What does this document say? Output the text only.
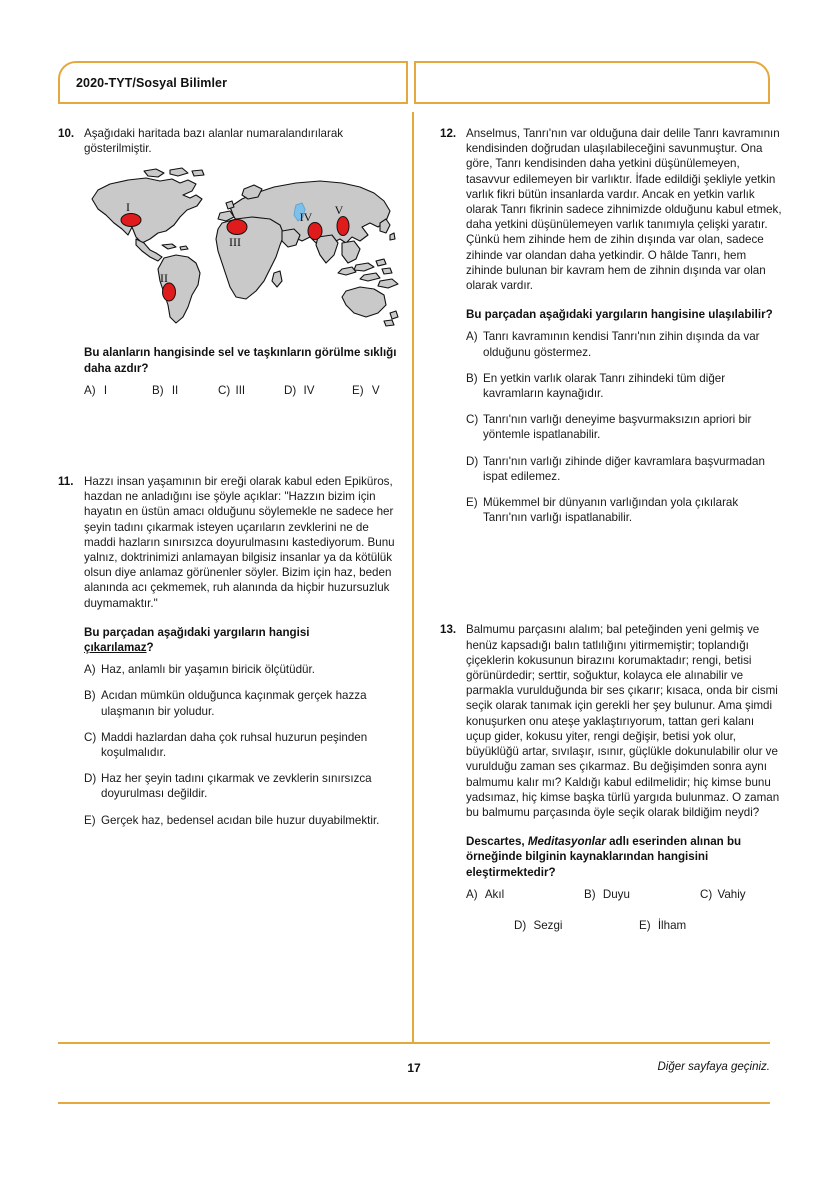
2020-TYT/Sosyal Bilimler
10. Aşağıdaki haritada bazı alanlar numaralandırılarak gösterilmiştir.
I
II
III
IV V
Bu alanların hangisinde sel ve taşkınların görülme sıklığı daha azdır?
A) I	B) II	C) III	D) IV	E) V
11. Hazzı insan yaşamının bir ereği olarak kabul eden Epiküros, hazdan ne anladığını ise şöyle açıklar: "Hazzın bizim için hayatın en üstün amacı olduğunu söylemekle ne sadece her şeyin tadını çıkarmak isteyen uçarıların zevklerini ne de maddi hazların sınırsızca doyurulmasını kastediyorum. Bunu yalnız, doktrinimizi anlamayan bilgisiz insanlar ya da kötülük olsun diye anlamaz görünenler söyler. Bizim için haz, beden alanında acı çekmemek, ruh alanında da hiçbir huzursuzluk duymamaktır."
Bu parçadan aşağıdaki yargıların hangisi
çıkarılamaz?
A) Haz, anlamlı bir yaşamın biricik ölçütüdür.
B) Acıdan mümkün olduğunca kaçınmak gerçek hazza ulaşmanın bir yoludur.
C) Maddi hazlardan daha çok ruhsal huzurun peşinden koşulmalıdır.
D) Haz her şeyin tadını çıkarmak ve zevklerin sınırsızca doyurulması değildir.
E) Gerçek haz, bedensel acıdan bile huzur duyabilmektir.
12. Anselmus, Tanrı'nın var olduğuna dair delile Tanrı kavramının kendisinden doğrudan ulaşılabileceğini savunmuştur. Ona göre, Tanrı kendisinden daha yetkini düşünülemeyen, tasavvur edilemeyen bir varlıktır. İfade edildiği şekliyle yetkin varlık fikri bütün insanlarda vardır. Ancak en yetkin varlık olarak Tanrı fikrinin sadece zihnimizde olduğunu kabul etmek, daha yetkini düşünülemeyen varlık tanımıyla çelişki yaratır. Çünkü hem zihinde hem de zihin dışında var olan, sadece zihinde var olandan daha yetkindir. O hâlde Tanrı, hem zihinde bulunan bir kavram hem de zihnin dışında var olan olarak vardır.
Bu parçadan aşağıdaki yargıların hangisine ulaşılabilir?
A) Tanrı kavramının kendisi Tanrı'nın zihin dışında da var olduğunu göstermez.
B) En yetkin varlık olarak Tanrı zihindeki tüm diğer kavramların kaynağıdır.
C) Tanrı'nın varlığı deneyime başvurmaksızın apriori bir yöntemle ispatlanabilir.
D) Tanrı'nın varlığı zihinde diğer kavramlara başvurmadan ispat edilemez.
E) Mükemmel bir dünyanın varlığından yola çıkılarak Tanrı'nın varlığı ispatlanabilir.
13. Balmumu parçasını alalım; bal peteğinden yeni gelmiş ve henüz kapsadığı balın tatlılığını yitirmemiştir; toplandığı çiçeklerin kokusunun birazını korumaktadır; rengi, betisi görünürdedir; serttir, soğuktur, kolayca ele alınabilir ve parmakla vurulduğunda bir ses çıkarır; kısaca, onda bir cismi seçik olarak tanımak için gerekli her şey bulunur. Ama şimdi konuşurken onu ateşe yaklaştırıyorum, tattan geri kalanı uçup gider, kokusu yiter, rengi değişir, betisi yok olur, büyüklüğü artar, sıvılaşır, ısınır, güçlükle dokunulabilir olur ve vurulduğu zaman ses çıkarmaz. Bu değişimden sonra aynı balmumu kalır mı? Kaldığı kabul edilmelidir; hiç kimse bunu yadsımaz, hiç kimse başka türlü yargıda bulunmaz. O zaman bu balmumu parçasında öyle seçik olarak bildiğim neydi?
Descartes, Meditasyonlar adlı eserinden alınan bu örneğinde bilginin kaynaklarından hangisini eleştirmektedir?
A) Akıl	B) Duyu	C) Vahiy
D) Sezgi	E) İlham
17	Diğer sayfaya geçiniz.
